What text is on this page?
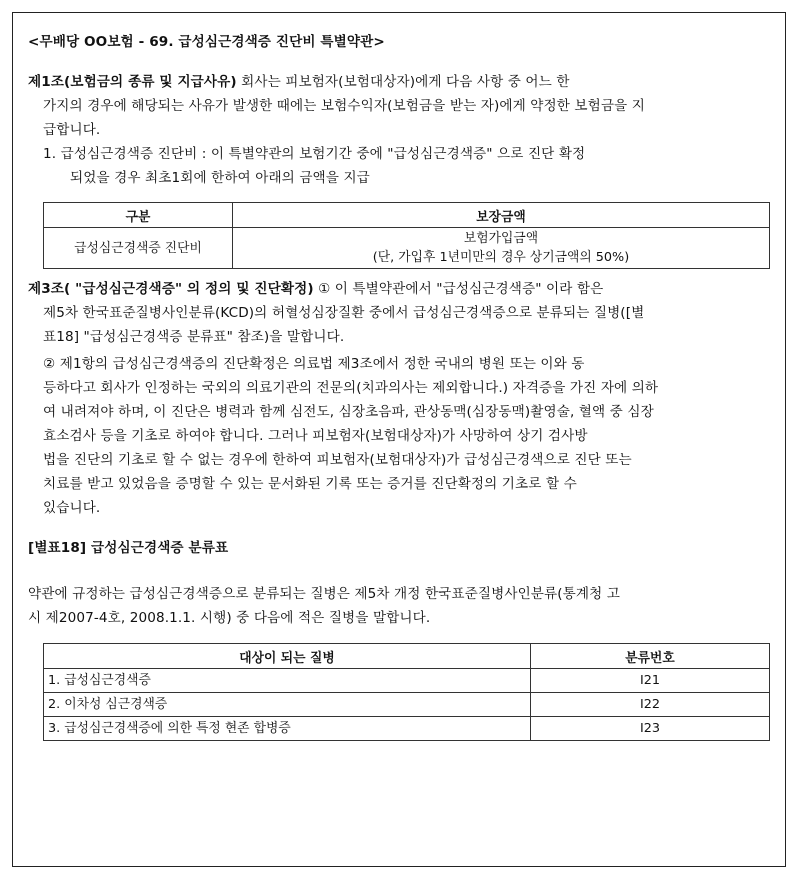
<무배당 OO보험 - 69. 급성심근경색증 진단비 특별약관>
제1조(보험금의 종류 및 지급사유) 회사는 피보험자(보험대상자)에게 다음 사항 중 어느 한
가지의 경우에 해당되는 사유가 발생한 때에는 보험수익자(보험금을 받는 자)에게 약정한 보험금을 지
급합니다.
1. 급성심근경색증 진단비 : 이 특별약관의 보험기간 중에 "급성심근경색증" 으로 진단 확정
되었을 경우 최초1회에 한하여 아래의 금액을 지급
구분	보장금액
급성심근경색증 진단비	보험가입금액
(단, 가입후 1년미만의 경우 상기금액의 50%)
제3조( "급성심근경색증" 의 정의 및 진단확정) ① 이 특별약관에서 "급성심근경색증" 이라 함은
제5차 한국표준질병사인분류(KCD)의 허혈성심장질환 중에서 급성심근경색증으로 분류되는 질병([별
표18] "급성심근경색증 분류표" 참조)을 말합니다.
② 제1항의 급성심근경색증의 진단확정은 의료법 제3조에서 정한 국내의 병원 또는 이와 동
등하다고 회사가 인정하는 국외의 의료기관의 전문의(치과의사는 제외합니다.) 자격증을 가진 자에 의하
여 내려져야 하며, 이 진단은 병력과 함께 심전도, 심장초음파, 관상동맥(심장동맥)촬영술, 혈액 중 심장
효소검사 등을 기초로 하여야 합니다. 그러나 피보험자(보험대상자)가 사망하여 상기 검사방
법을 진단의 기초로 할 수 없는 경우에 한하여 피보험자(보험대상자)가 급성심근경색으로 진단 또는
치료를 받고 있었음을 증명할 수 있는 문서화된 기록 또는 증거를 진단확정의 기초로 할 수
있습니다.
[별표18] 급성심근경색증 분류표
약관에 규정하는 급성심근경색증으로 분류되는 질병은 제5차 개정 한국표준질병사인분류(통계청 고
시 제2007-4호, 2008.1.1. 시행) 중 다음에 적은 질병을 말합니다.
대상이 되는 질병	분류번호
1. 급성심근경색증	I21
2. 이차성 심근경색증	I22
3. 급성심근경색증에 의한 특정 현존 합병증	I23
